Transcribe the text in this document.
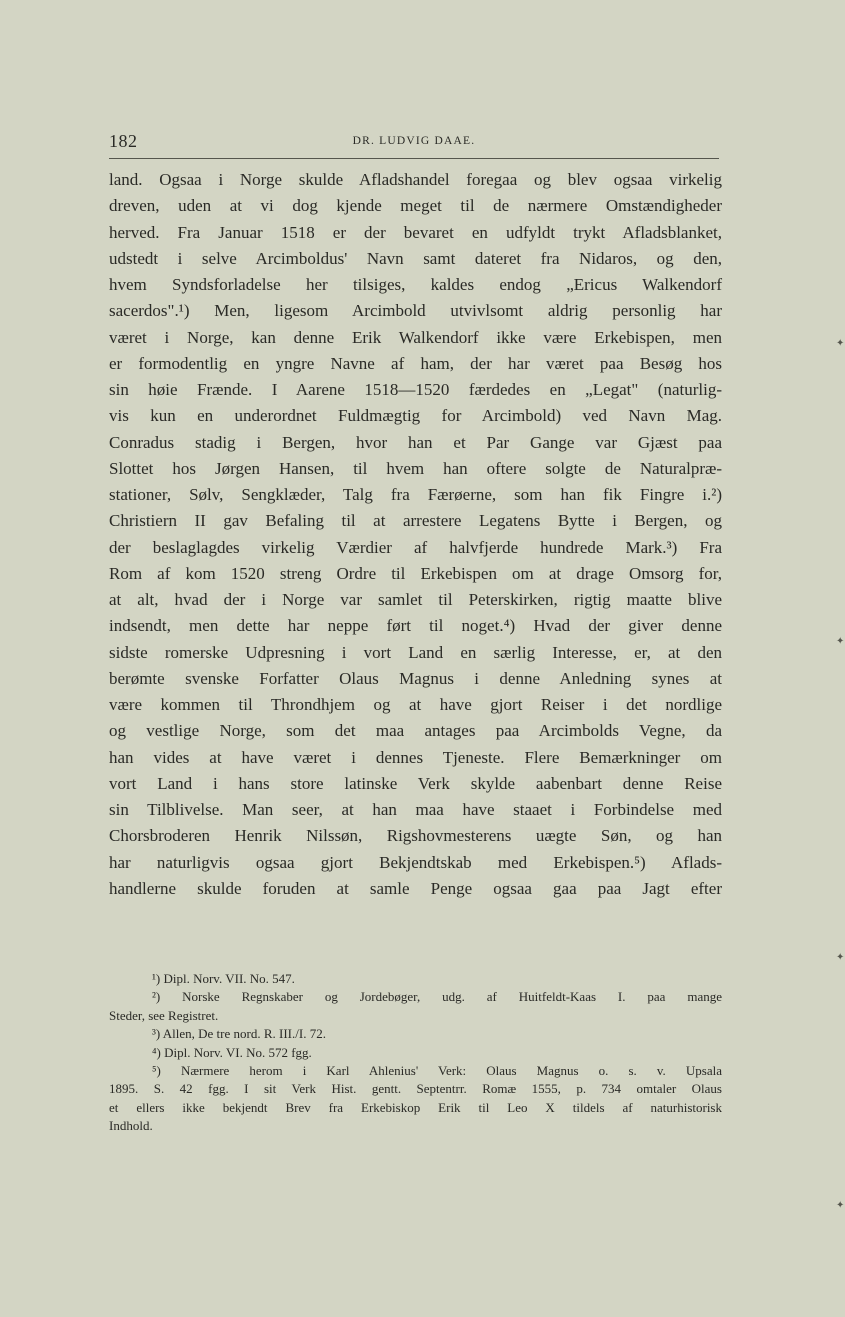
182	DR. LUDVIG DAAE.
land. Ogsaa i Norge skulde Afladshandel foregaa og blev ogsaa virkelig
dreven, uden at vi dog kjende meget til de nærmere Omstændigheder
herved. Fra Januar 1518 er der bevaret en udfyldt trykt Afladsblanket,
udstedt i selve Arcimboldus' Navn samt dateret fra Nidaros, og den,
hvem Syndsforladelse her tilsiges, kaldes endog „Ericus Walkendorf
sacerdos".¹) Men, ligesom Arcimbold utvivlsomt aldrig personlig har
været i Norge, kan denne Erik Walkendorf ikke være Erkebispen, men
er formodentlig en yngre Navne af ham, der har været paa Besøg hos
sin høie Frænde. I Aarene 1518—1520 færdedes en „Legat" (naturlig-
vis kun en underordnet Fuldmægtig for Arcimbold) ved Navn Mag.
Conradus stadig i Bergen, hvor han et Par Gange var Gjæst paa
Slottet hos Jørgen Hansen, til hvem han oftere solgte de Naturalpræ-
stationer, Sølv, Sengklæder, Talg fra Færøerne, som han fik Fingre i.²)
Christiern II gav Befaling til at arrestere Legatens Bytte i Bergen, og
der beslaglagdes virkelig Værdier af halvfjerde hundrede Mark.³) Fra
Rom af kom 1520 streng Ordre til Erkebispen om at drage Omsorg for,
at alt, hvad der i Norge var samlet til Peterskirken, rigtig maatte blive
indsendt, men dette har neppe ført til noget.⁴) Hvad der giver denne
sidste romerske Udpresning i vort Land en særlig Interesse, er, at den
berømte svenske Forfatter Olaus Magnus i denne Anledning synes at
være kommen til Throndhjem og at have gjort Reiser i det nordlige
og vestlige Norge, som det maa antages paa Arcimbolds Vegne, da
han vides at have været i dennes Tjeneste. Flere Bemærkninger om
vort Land i hans store latinske Verk skylde aabenbart denne Reise
sin Tilblivelse. Man seer, at han maa have staaet i Forbindelse med
Chorsbroderen Henrik Nilssøn, Rigshovmesterens uægte Søn, og han
har naturligvis ogsaa gjort Bekjendtskab med Erkebispen.⁵) Aflads-
handlerne skulde foruden at samle Penge ogsaa gaa paa Jagt efter
¹) Dipl. Norv. VII. No. 547.
²) Norske Regnskaber og Jordebøger, udg. af Huitfeldt-Kaas I. paa mange
Steder, see Registret.
³) Allen, De tre nord. R. III./I. 72.
⁴) Dipl. Norv. VI. No. 572 fgg.
⁵) Nærmere herom i Karl Ahlenius' Verk: Olaus Magnus o. s. v. Upsala
1895. S. 42 fgg. I sit Verk Hist. gentt. Septentrr. Romæ 1555, p. 734 omtaler Olaus
et ellers ikke bekjendt Brev fra Erkebiskop Erik til Leo X tildels af naturhistorisk
Indhold.
✦
✦
✦
✦
